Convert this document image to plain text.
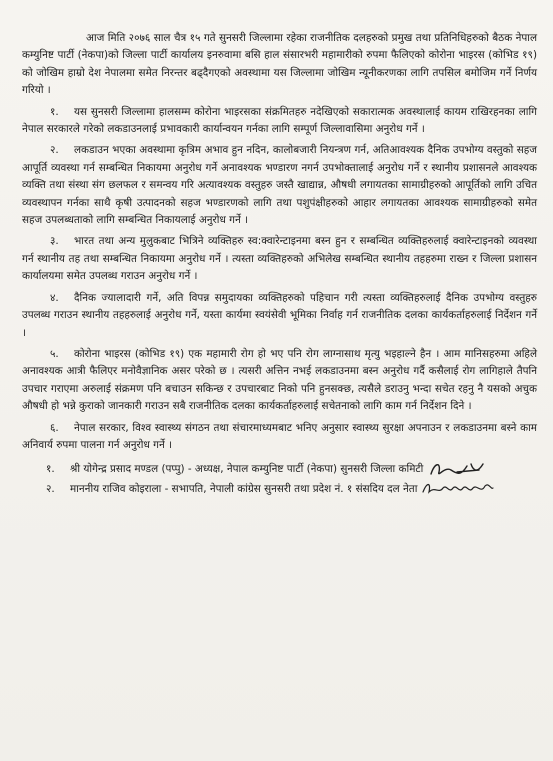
आज मिति २०७६ साल चैत्र १५ गते सुनसरी जिल्लामा रहेका राजनीतिक दलहरुको प्रमुख तथा प्रतिनिधिहरुको बैठक नेपाल कम्युनिष्ट पार्टी (नेकपा)को जिल्ला पार्टी कार्यालय इनरुवामा बसि हाल संसारभरी महामारीको रुपमा फैलिएको कोरोना भाइरस (कोभिड १९) को जोखिम हाम्रो देश नेपालमा समेत निरन्तर बढ्दैगएको अवस्थामा यस जिल्लामा जोखिम न्यूनीकरणका लागि तपसिल बमोजिम गर्ने निर्णय गरियो ।

१. यस सुनसरी जिल्लामा हालसम्म कोरोना भाइरसका संक्रमितहरु नदेखिएको सकारात्मक अवस्थालाई कायम राखिरहनका लागि नेपाल सरकारले गरेको लकडाउनलाई प्रभावकारी कार्यान्वयन गर्नका लागि सम्पूर्ण जिल्लावासिमा अनुरोध गर्ने ।

२. लकडाउन भएका अवस्थामा कृत्रिम अभाव हुन नदिन, कालोबजारी नियन्त्रण गर्न, अतिआवश्यक दैनिक उपभोग्य वस्तुको सहज आपूर्ति व्यवस्था गर्न सम्बन्धित निकायमा अनुरोध गर्ने अनावश्यक भण्डारण नगर्न उपभोक्तालाई अनुरोध गर्ने र स्थानीय प्रशासनले आवश्यक व्यक्ति तथा संस्था संग छलफल र समन्वय गरि अत्यावश्यक वस्तुहरु जस्तै खाद्यान्न, औषधी लगायतका सामाग्रीहरुको आपूर्तिको लागि उचित व्यवस्थापन गर्नका साथै कृषी उत्पादनको सहज भण्डारणको लागि तथा पशुपंक्षीहरुको आहार लगायतका आवश्यक सामाग्रीहरुको समेत सहज उपलब्धताको लागि सम्बन्धित निकायलाई अनुरोध गर्ने ।

३. भारत तथा अन्य मुलुकबाट भित्रिने व्यक्तिहरु स्व:क्वारेन्टाइनमा बस्न हुन र सम्बन्धित व्यक्तिहरुलाई क्वारेन्टाइनको व्यवस्था गर्न स्थानीय तह तथा सम्बन्धित निकायमा अनुरोध गर्ने । त्यस्ता व्यक्तिहरुको अभिलेख सम्बन्धित स्थानीय तहहरुमा राख्न र जिल्ला प्रशासन कार्यालयमा समेत उपलब्ध गराउन अनुरोध गर्ने ।

४. दैनिक ज्यालादारी गर्ने, अति विपन्न समुदायका व्यक्तिहरुको पहिचान गरी त्यस्ता व्यक्तिहरुलाई दैनिक उपभोग्य वस्तुहरु उपलब्ध गराउन स्थानीय तहहरुलाई अनुरोध गर्ने, यस्ता कार्यमा स्वयंसेवी भूमिका निर्वाह गर्न राजनीतिक दलका कार्यकर्ताहरुलाई निर्देशन गर्ने ।

५. कोरोना भाइरस (कोभिड १९) एक महामारी रोग हो भए पनि रोग लाग्नासाथ मृत्यु भइहाल्ने हैन । आम मानिसहरुमा अहिले अनावश्यक आत्री फैलिएर मनोवैज्ञानिक असर परेको छ । त्यसरी अत्तिन नभई लकडाउनमा बस्न अनुरोध गर्दै कसैलाई रोग लागिहाले तैपनि उपचार गराएमा अरुलाई संक्रमण पनि बचाउन सकिन्छ र उपचारबाट निको पनि हुनसक्छ, त्यसैले डराउनु भन्दा सचेत रहनु नै यसको अचुक औषधी हो भन्ने कुराको जानकारी गराउन सबै राजनीतिक दलका कार्यकर्ताहरुलाई सचेतनाको लागि काम गर्न निर्देशन दिने ।

६. नेपाल सरकार, विश्व स्वास्थ्य संगठन तथा संचारमाध्यमबाट भनिए अनुसार स्वास्थ्य सुरक्षा अपनाउन र लकडाउनमा बस्ने काम अनिवार्य रुपमा पालना गर्न अनुरोध गर्ने ।

१. श्री योगेन्द्र प्रसाद मण्डल (पप्पु) - अध्यक्ष, नेपाल कम्युनिष्ट पार्टी (नेकपा) सुनसरी जिल्ला कमिटी

२. माननीय राजिव कोइराला - सभापति, नेपाली कांग्रेस सुनसरी तथा प्रदेश नं. १ संसदिय दल नेता
